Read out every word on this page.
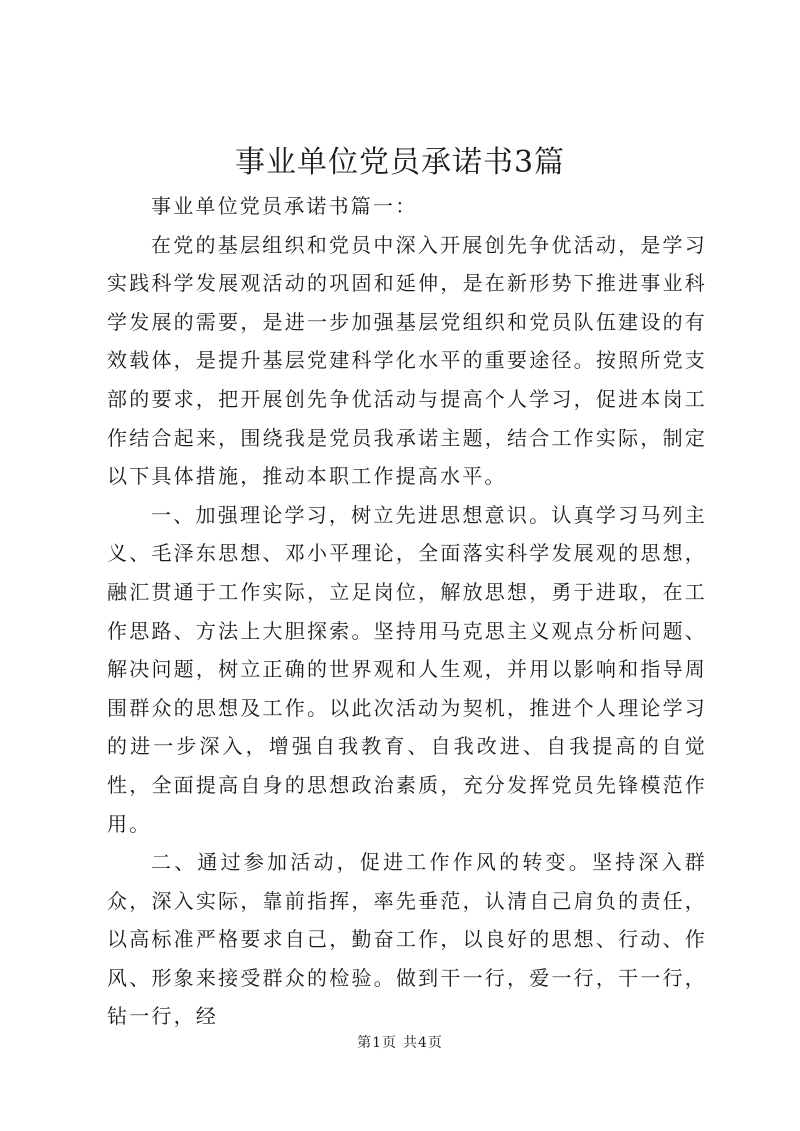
事业单位党员承诺书3篇

事业单位党员承诺书篇一：

在党的基层组织和党员中深入开展创先争优活动，是学习实践科学发展观活动的巩固和延伸，是在新形势下推进事业科学发展的需要，是进一步加强基层党组织和党员队伍建设的有效载体，是提升基层党建科学化水平的重要途径。按照所党支部的要求，把开展创先争优活动与提高个人学习，促进本岗工作结合起来，围绕我是党员我承诺主题，结合工作实际，制定以下具体措施，推动本职工作提高水平。

一、加强理论学习，树立先进思想意识。认真学习马列主义、毛泽东思想、邓小平理论，全面落实科学发展观的思想，融汇贯通于工作实际，立足岗位，解放思想，勇于进取，在工作思路、方法上大胆探索。坚持用马克思主义观点分析问题、解决问题，树立正确的世界观和人生观，并用以影响和指导周围群众的思想及工作。以此次活动为契机，推进个人理论学习的进一步深入，增强自我教育、自我改进、自我提高的自觉性，全面提高自身的思想政治素质，充分发挥党员先锋模范作用。

二、通过参加活动，促进工作作风的转变。坚持深入群众，深入实际，靠前指挥，率先垂范，认清自己肩负的责任，以高标准严格要求自己，勤奋工作，以良好的思想、行动、作风、形象来接受群众的检验。做到干一行，爱一行，干一行，钻一行，经

第1页 共4页
